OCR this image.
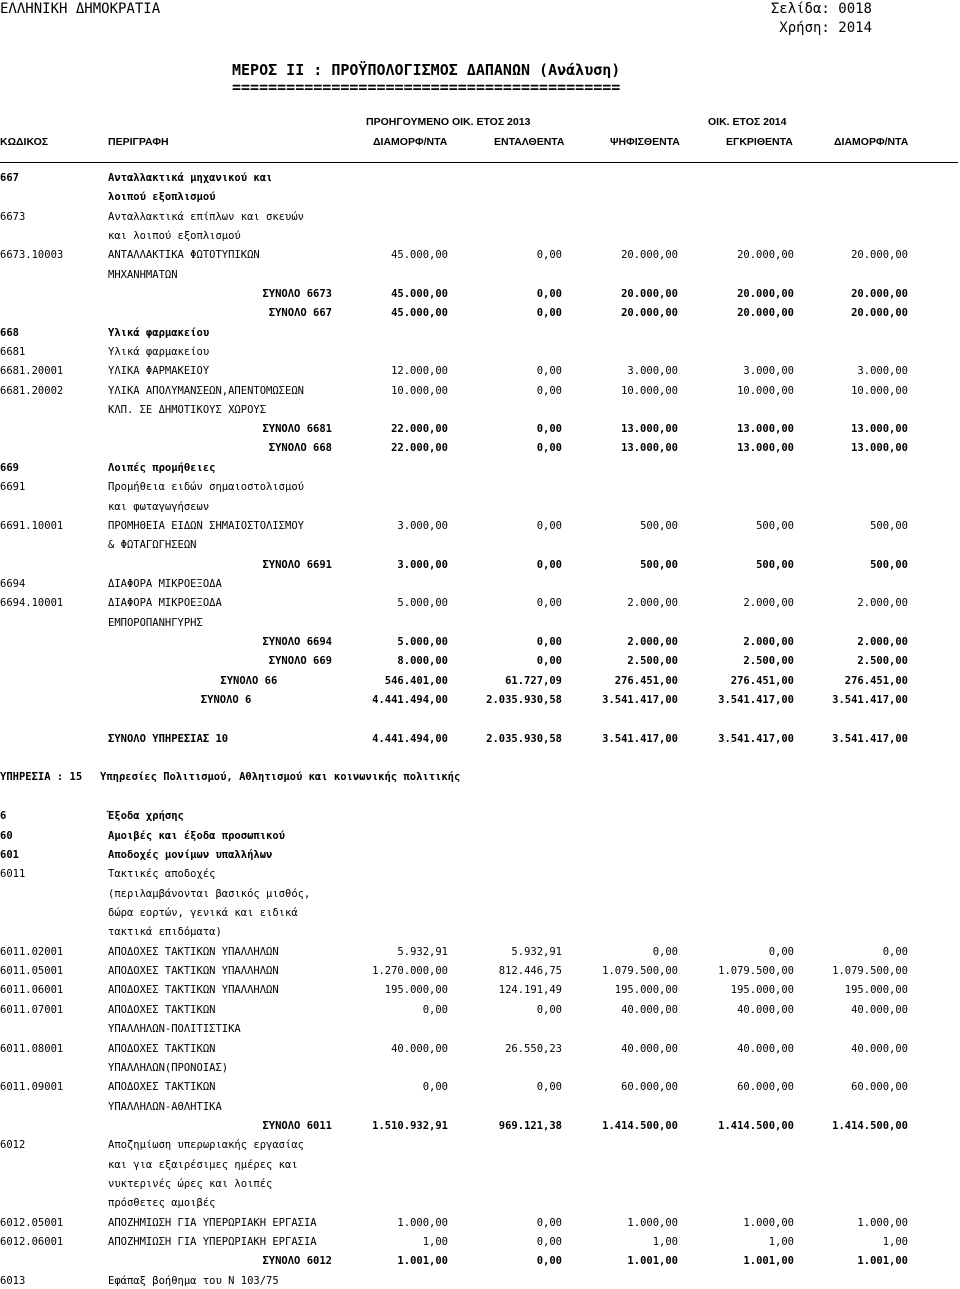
ΕΛΛΗΝΙΚΗ ΔΗΜΟΚΡΑΤΙΑ	Σελίδα: 0018
Χρήση: 2014
ΜΕΡΟΣ ΙΙ : ΠΡΟΫΠΟΛΟΓΙΣΜΟΣ ΔΑΠΑΝΩΝ (Ανάλυση)
===========================================
ΠΡΟΗΓΟΥΜΕΝΟ ΟΙΚ. ΕΤΟΣ 2013	ΟΙΚ. ΕΤΟΣ 2014
ΚΩΔΙΚΟΣ	ΠΕΡΙΓΡΑΦΗ	ΔΙΑΜΟΡΦ/ΝΤΑ	ΕΝΤΑΛΘΕΝΤΑ	ΨΗΦΙΣΘΕΝΤΑ	ΕΓΚΡΙΘΕΝΤΑ	ΔΙΑΜΟΡΦ/ΝΤΑ
667	Ανταλλακτικά μηχανικού και
λοιπού εξοπλισμού
6673	Ανταλλακτικά επίπλων και σκευών
και λοιπού εξοπλισμού
6673.10003	ΑΝΤΑΛΛΑΚΤΙΚΑ ΦΩΤΟΤΥΠΙΚΩΝ	45.000,00	0,00	20.000,00	20.000,00	20.000,00
ΜΗΧΑΝΗΜΑΤΩΝ
ΣΥΝΟΛΟ 6673	45.000,00	0,00	20.000,00	20.000,00	20.000,00
ΣΥΝΟΛΟ 667	45.000,00	0,00	20.000,00	20.000,00	20.000,00
668	Υλικά φαρμακείου
6681	Υλικά φαρμακείου
6681.20001	ΥΛΙΚΑ ΦΑΡΜΑΚΕΙΟΥ	12.000,00	0,00	3.000,00	3.000,00	3.000,00
6681.20002	ΥΛΙΚΑ ΑΠΟΛΥΜΑΝΣΕΩΝ,ΑΠΕΝΤΟΜΩΣΕΩΝ	10.000,00	0,00	10.000,00	10.000,00	10.000,00
ΚΛΠ. ΣΕ ΔΗΜΟΤΙΚΟΥΣ ΧΩΡΟΥΣ
ΣΥΝΟΛΟ 6681	22.000,00	0,00	13.000,00	13.000,00	13.000,00
ΣΥΝΟΛΟ 668	22.000,00	0,00	13.000,00	13.000,00	13.000,00
669	Λοιπές προμήθειες
6691	Προμήθεια ειδών σημαιοστολισμού
και φωταγωγήσεων
6691.10001	ΠΡΟΜΗΘΕΙΑ ΕΙΔΩΝ ΣΗΜΑΙΟΣΤΟΛΙΣΜΟΥ	3.000,00	0,00	500,00	500,00	500,00
& ΦΩΤΑΓΩΓΗΣΕΩΝ
ΣΥΝΟΛΟ 6691	3.000,00	0,00	500,00	500,00	500,00
6694	ΔΙΑΦΟΡΑ ΜΙΚΡΟΕΞΟΔΑ
6694.10001	ΔΙΑΦΟΡΑ ΜΙΚΡΟΕΞΟΔΑ	5.000,00	0,00	2.000,00	2.000,00	2.000,00
ΕΜΠΟΡΟΠΑΝΗΓΥΡΗΣ
ΣΥΝΟΛΟ 6694	5.000,00	0,00	2.000,00	2.000,00	2.000,00
ΣΥΝΟΛΟ 669	8.000,00	0,00	2.500,00	2.500,00	2.500,00
ΣΥΝΟΛΟ 66	546.401,00	61.727,09	276.451,00	276.451,00	276.451,00
ΣΥΝΟΛΟ 6	4.441.494,00	2.035.930,58	3.541.417,00	3.541.417,00	3.541.417,00
ΣΥΝΟΛΟ ΥΠΗΡΕΣΙΑΣ 10	4.441.494,00	2.035.930,58	3.541.417,00	3.541.417,00	3.541.417,00
ΥΠΗΡΕΣΙΑ : 15 Υπηρεσίες Πολιτισμού, Αθλητισμού και κοινωνικής πολιτικής
6	Έξοδα χρήσης
60	Αμοιβές και έξοδα προσωπικού
601	Αποδοχές μονίμων υπαλλήλων
6011	Τακτικές αποδοχές
(περιλαμβάνονται βασικός μισθός,
δώρα εορτών, γενικά και ειδικά
τακτικά επιδόματα)
6011.02001	ΑΠΟΔΟΧΕΣ ΤΑΚΤΙΚΩΝ ΥΠΑΛΛΗΛΩΝ	5.932,91	5.932,91	0,00	0,00	0,00
6011.05001	ΑΠΟΔΟΧΕΣ ΤΑΚΤΙΚΩΝ ΥΠΑΛΛΗΛΩΝ	1.270.000,00	812.446,75	1.079.500,00	1.079.500,00	1.079.500,00
6011.06001	ΑΠΟΔΟΧΕΣ ΤΑΚΤΙΚΩΝ ΥΠΑΛΛΗΛΩΝ	195.000,00	124.191,49	195.000,00	195.000,00	195.000,00
6011.07001	ΑΠΟΔΟΧΕΣ ΤΑΚΤΙΚΩΝ	0,00	0,00	40.000,00	40.000,00	40.000,00
ΥΠΑΛΛΗΛΩΝ-ΠΟΛΙΤΙΣΤΙΚΑ
6011.08001	ΑΠΟΔΟΧΕΣ ΤΑΚΤΙΚΩΝ	40.000,00	26.550,23	40.000,00	40.000,00	40.000,00
ΥΠΑΛΛΗΛΩΝ(ΠΡΟΝΟΙΑΣ)
6011.09001	ΑΠΟΔΟΧΕΣ ΤΑΚΤΙΚΩΝ	0,00	0,00	60.000,00	60.000,00	60.000,00
ΥΠΑΛΛΗΛΩΝ-ΑΘΛΗΤΙΚΑ
ΣΥΝΟΛΟ 6011	1.510.932,91	969.121,38	1.414.500,00	1.414.500,00	1.414.500,00
6012	Αποζημίωση υπερωριακής εργασίας
και για εξαιρέσιμες ημέρες και
νυκτερινές ώρες και λοιπές
πρόσθετες αμοιβές
6012.05001	ΑΠΟΖΗΜΙΩΣΗ ΓΙΑ ΥΠΕΡΩΡΙΑΚΗ ΕΡΓΑΣΙΑ	1.000,00	0,00	1.000,00	1.000,00	1.000,00
6012.06001	ΑΠΟΖΗΜΙΩΣΗ ΓΙΑ ΥΠΕΡΩΡΙΑΚΗ ΕΡΓΑΣΙΑ	1,00	0,00	1,00	1,00	1,00
ΣΥΝΟΛΟ 6012	1.001,00	0,00	1.001,00	1.001,00	1.001,00
6013	Εφάπαξ βοήθημα του Ν 103/75
